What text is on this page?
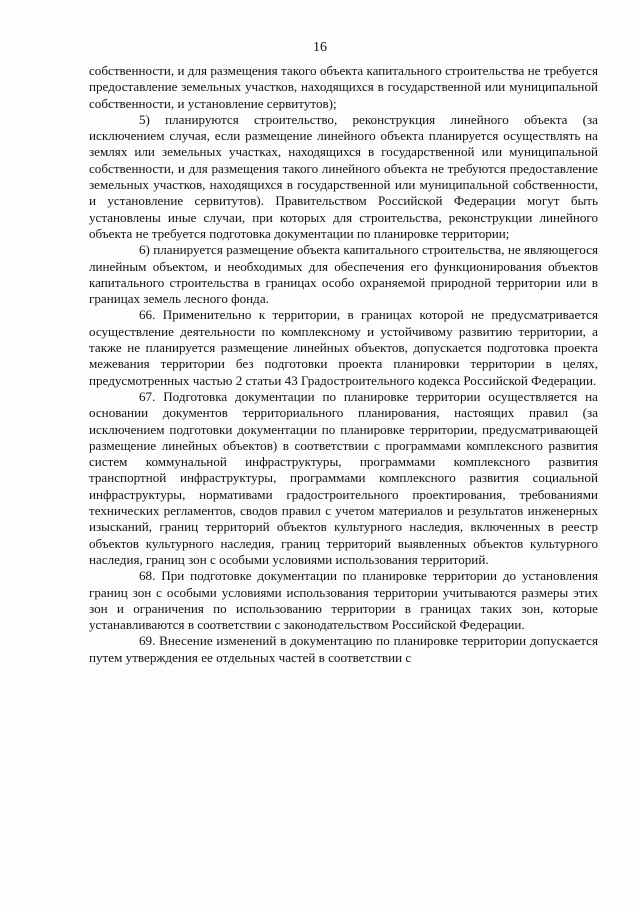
16

собственности, и для размещения такого объекта капитального строительства не требуется предоставление земельных участков, находящихся в государственной или муниципальной собственности, и установление сервитутов);

5) планируются строительство, реконструкция линейного объекта (за исключением случая, если размещение линейного объекта планируется осуществлять на землях или земельных участках, находящихся в государственной или муниципальной собственности, и для размещения такого линейного объекта не требуются предоставление земельных участков, находящихся в государственной или муниципальной собственности, и установление сервитутов). Правительством Российской Федерации могут быть установлены иные случаи, при которых для строительства, реконструкции линейного объекта не требуется подготовка документации по планировке территории;

6) планируется размещение объекта капитального строительства, не являющегося линейным объектом, и необходимых для обеспечения его функционирования объектов капитального строительства в границах особо охраняемой природной территории или в границах земель лесного фонда.

66. Применительно к территории, в границах которой не предусматривается осуществление деятельности по комплексному и устойчивому развитию территории, а также не планируется размещение линейных объектов, допускается подготовка проекта межевания территории без подготовки проекта планировки территории в целях, предусмотренных частью 2 статьи 43 Градостроительного кодекса Российской Федерации.

67. Подготовка документации по планировке территории осуществляется на основании документов территориального планирования, настоящих правил (за исключением подготовки документации по планировке территории, предусматривающей размещение линейных объектов) в соответствии с программами комплексного развития систем коммунальной инфраструктуры, программами комплексного развития транспортной инфраструктуры, программами комплексного развития социальной инфраструктуры, нормативами градостроительного проектирования, требованиями технических регламентов, сводов правил с учетом материалов и результатов инженерных изысканий, границ территорий объектов культурного наследия, включенных в реестр объектов культурного наследия, границ территорий выявленных объектов культурного наследия, границ зон с особыми условиями использования территорий.

68. При подготовке документации по планировке территории до установления границ зон с особыми условиями использования территории учитываются размеры этих зон и ограничения по использованию территории в границах таких зон, которые устанавливаются в соответствии с законодательством Российской Федерации.

69. Внесение изменений в документацию по планировке территории допускается путем утверждения ее отдельных частей в соответствии с
